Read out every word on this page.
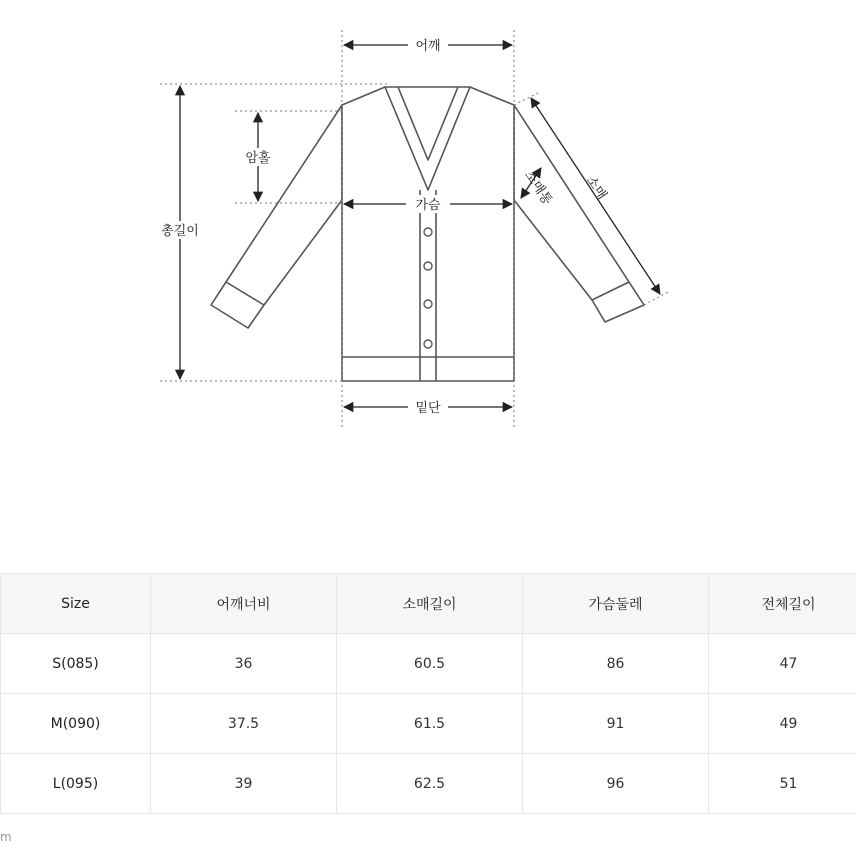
어깨
암홀
총길이
가슴
밑단
소매
소매통
Size	어깨너비	소매길이	가슴둘레	전체길이
S(085)	36	60.5	86	47
M(090)	37.5	61.5	91	49
L(095)	39	62.5	96	51
m
